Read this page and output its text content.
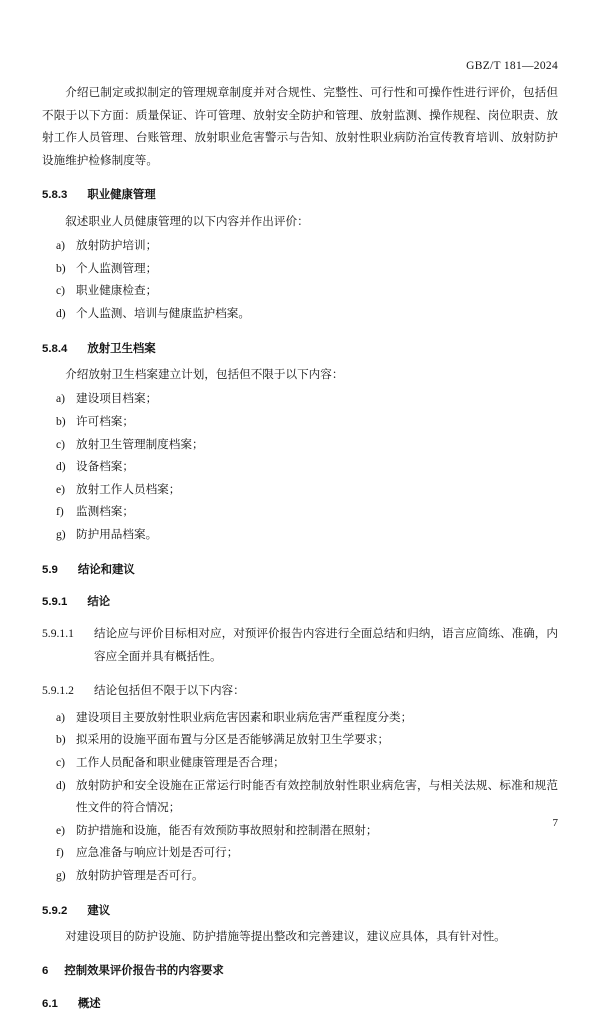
GBZ/T 181—2024

介绍已制定或拟制定的管理规章制度并对合规性、完整性、可行性和可操作性进行评价，包括但不限于以下方面：质量保证、许可管理、放射安全防护和管理、放射监测、操作规程、岗位职责、放射工作人员管理、台账管理、放射职业危害警示与告知、放射性职业病防治宣传教育培训、放射防护设施维护检修制度等。

5.8.3 职业健康管理

叙述职业人员健康管理的以下内容并作出评价：

a) 放射防护培训；
b) 个人监测管理；
c) 职业健康检查；
d) 个人监测、培训与健康监护档案。
5.8.4 放射卫生档案

介绍放射卫生档案建立计划，包括但不限于以下内容：

a) 建设项目档案；
b) 许可档案；
c) 放射卫生管理制度档案；
d) 设备档案；
e) 放射工作人员档案；
f)	监测档案；
g) 防护用品档案。
5.9 结论和建议
5.9.1 结论
5.9.1.1	结论应与评价目标相对应，对预评价报告内容进行全面总结和归纳，语言应简练、准确，内容应全面并具有概括性。
5.9.1.2	结论包括但不限于以下内容：
a) 建设项目主要放射性职业病危害因素和职业病危害严重程度分类；
b) 拟采用的设施平面布置与分区是否能够满足放射卫生学要求；
c) 工作人员配备和职业健康管理是否合理；
d) 放射防护和安全设施在正常运行时能否有效控制放射性职业病危害，与相关法规、标准和规范性文件的符合情况；
e) 防护措施和设施，能否有效预防事故照射和控制潜在照射；
f)	应急准备与响应计划是否可行；
g) 放射防护管理是否可行。
5.9.2 建议

对建设项目的防护设施、防护措施等提出整改和完善建议，建议应具体，具有针对性。

6 控制效果评价报告书的内容要求
6.1 概述
7
